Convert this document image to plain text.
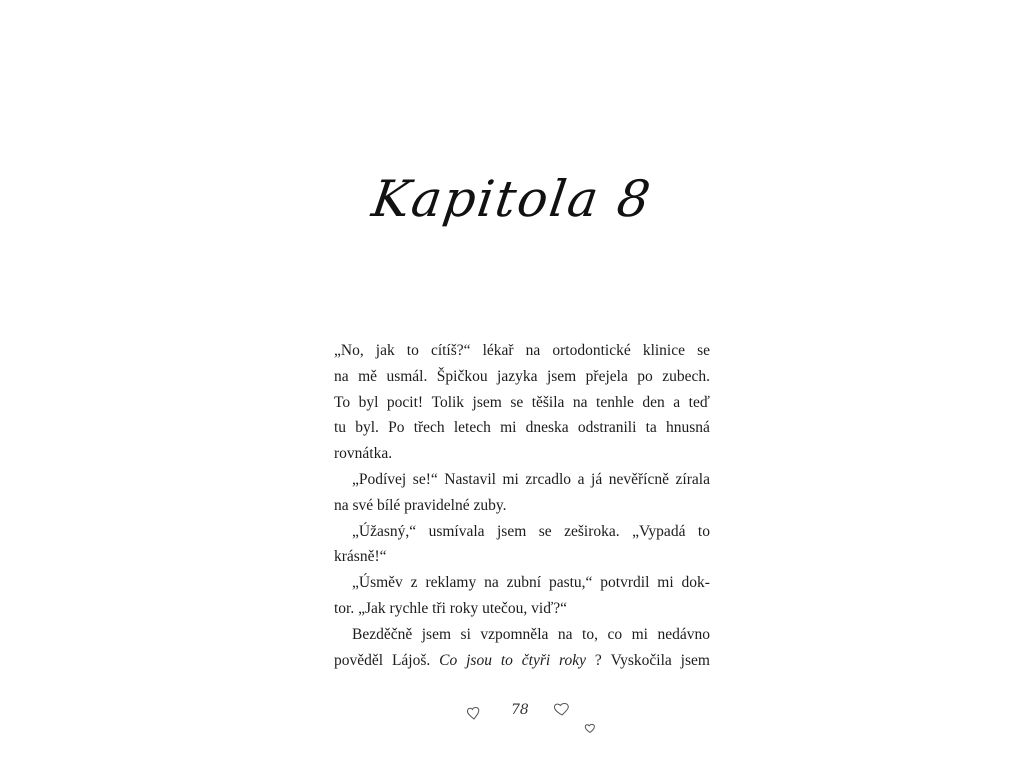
Kapitola 8
„No, jak to cítíš?“ lékař na ortodontické klinice se
na mě usmál. Špičkou jazyka jsem přejela po zubech.
To byl pocit! Tolik jsem se těšila na tenhle den a teď
tu byl. Po třech letech mi dneska odstranili ta hnusná
rovnátka.
„Podívej se!“ Nastavil mi zrcadlo a já nevěřícně zírala
na své bílé pravidelné zuby.
„Úžasný,“ usmívala jsem se zeširoka. „Vypadá to
krásně!“
„Úsměv z reklamy na zubní pastu,“ potvrdil mi dok-
tor. „Jak rychle tři roky utečou, viď?“
Bezděčně jsem si vzpomněla na to, co mi nedávno
pověděl Lájoš. Co jsou to čtyři roky ? Vyskočila jsem
78
